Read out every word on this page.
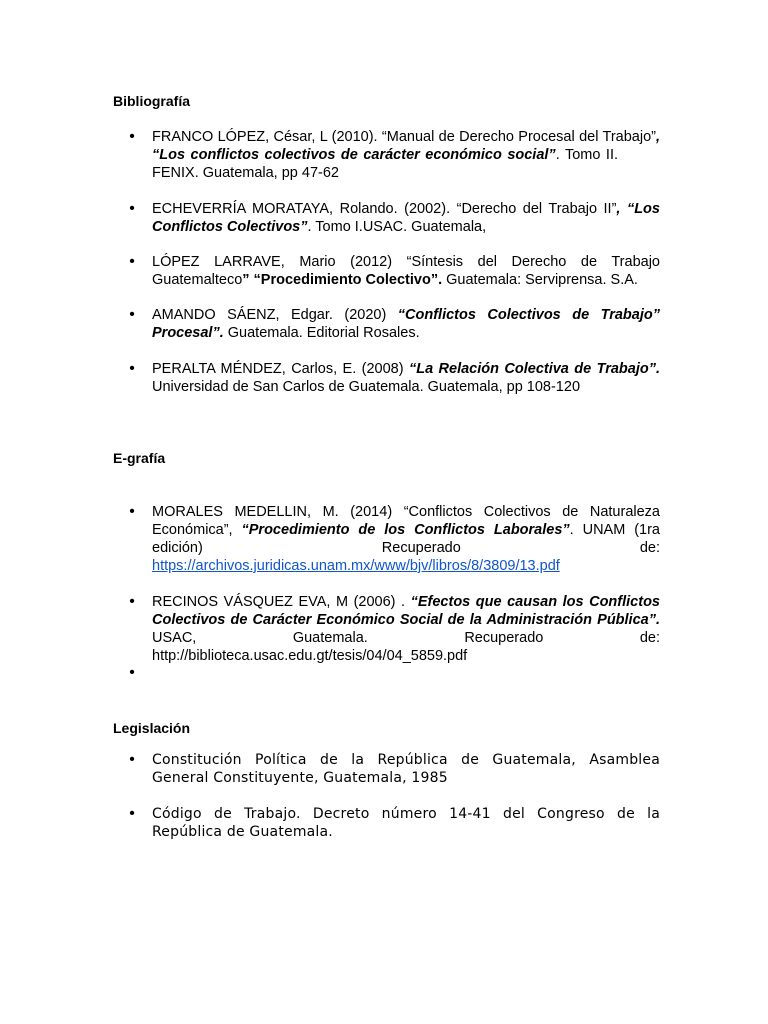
Bibliografía
•	FRANCO LÓPEZ, César, L (2010). “Manual de Derecho Procesal del Trabajo”, “Los conflictos colectivos de carácter económico social”. Tomo II.FENIX. Guatemala, pp 47-62

•	ECHEVERRÍA MORATAYA, Rolando. (2002). “Derecho del Trabajo II”, “Los Conflictos Colectivos”. Tomo I.USAC. Guatemala,

•	LÓPEZ LARRAVE, Mario (2012) “Síntesis del Derecho de Trabajo Guatemalteco” “Procedimiento Colectivo”. Guatemala: Serviprensa. S.A.

•	AMANDO SÁENZ, Edgar. (2020) “Conflictos Colectivos de Trabajo” Procesal”. Guatemala. Editorial Rosales.

•	PERALTA MÉNDEZ, Carlos, E. (2008) “La Relación Colectiva de Trabajo”. Universidad de San Carlos de Guatemala. Guatemala, pp 108-120

E-grafía
•	MORALES MEDELLIN, M. (2014) “Conflictos Colectivos de Naturaleza Económica”, “Procedimiento de los Conflictos Laborales”. UNAM (1ra edición) Recuperado de: https://archivos.juridicas.unam.mx/www/bjv/libros/8/3809/13.pdf

•	RECINOS VÁSQUEZ EVA, M (2006) . “Efectos que causan los Conflictos Colectivos de Carácter Económico Social de la Administración Pública”. USAC, Guatemala. Recuperado de: http://biblioteca.usac.edu.gt/tesis/04/04_5859.pdf

•
Legislación
•	Constitución Política de la República de Guatemala, Asamblea General Constituyente, Guatemala, 1985

•	Código de Trabajo. Decreto número 14-41 del Congreso de la República de Guatemala.
